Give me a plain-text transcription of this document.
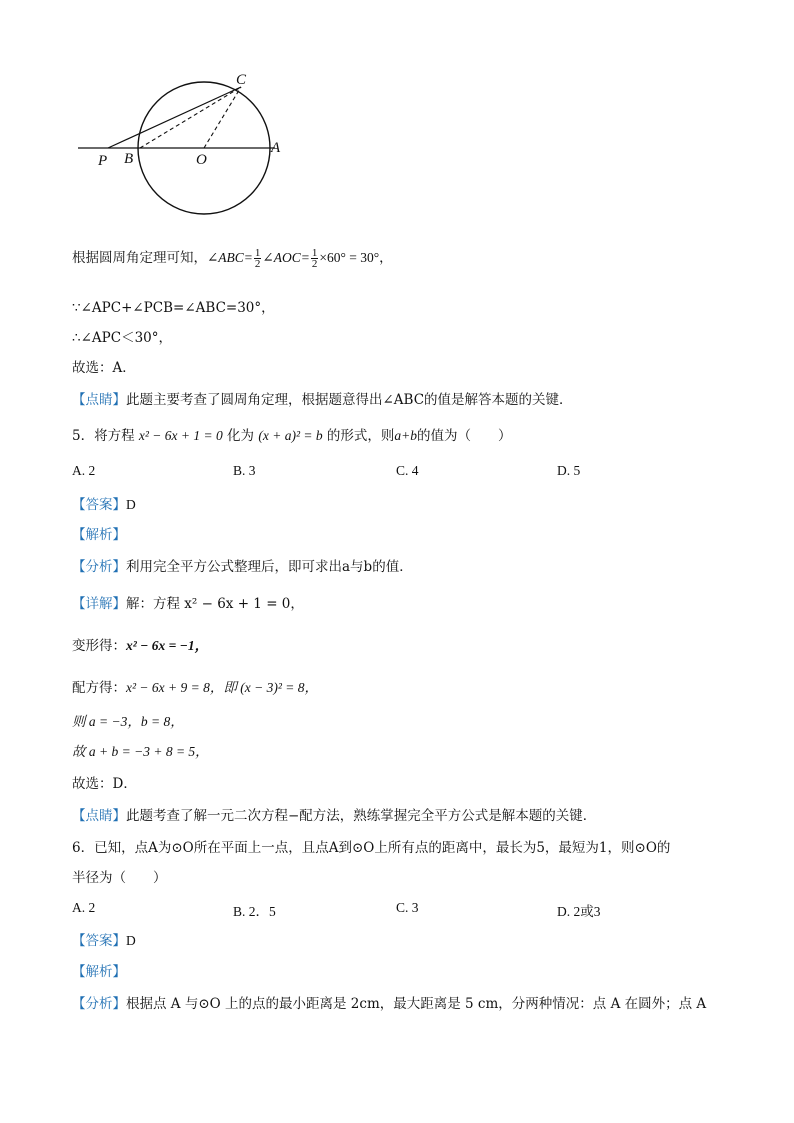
P B	O
A
C
根据圆周角定理可知，∠ABC= $\frac{1}{2}$ ∠AOC= $\frac{1}{2} \times 60^\circ = 30^\circ$，
∵∠APC+∠PCB=∠ABC=30°，
∴∠APC＜30°，
故选：A．
【点睛】此题主要考查了圆周角定理，根据题意得出∠ABC的值是解答本题的关键．
5．将方程 x² − 6x + 1 = 0 化为 (x + a)² = b 的形式，则a+b的值为（　　）
A. 2	B. 3	C. 4	D. 5
【答案】D
【解析】
【分析】利用完全平方公式整理后，即可求出a与b的值．
【详解】解：方程 x² − 6x + 1 = 0，
变形得：x² − 6x = −1，
配方得：x² − 6x + 9 = 8，即 (x − 3)² = 8，
则 a = −3，b = 8，
故 a + b = −3 + 8 = 5，
故选：D．
【点睛】此题考查了解一元二次方程−配方法，熟练掌握完全平方公式是解本题的关键．
6．已知，点A为⊙O所在平面上一点，且点A到⊙O上所有点的距离中，最长为5，最短为1，则⊙O的
半径为（　　）
A. 2	B. 2．5	C. 3	D. 2或3
【答案】D
【解析】
【分析】根据点 A 与⊙O 上的点的最小距离是 2cm，最大距离是 5 cm，分两种情况：点 A 在圆外；点 A
